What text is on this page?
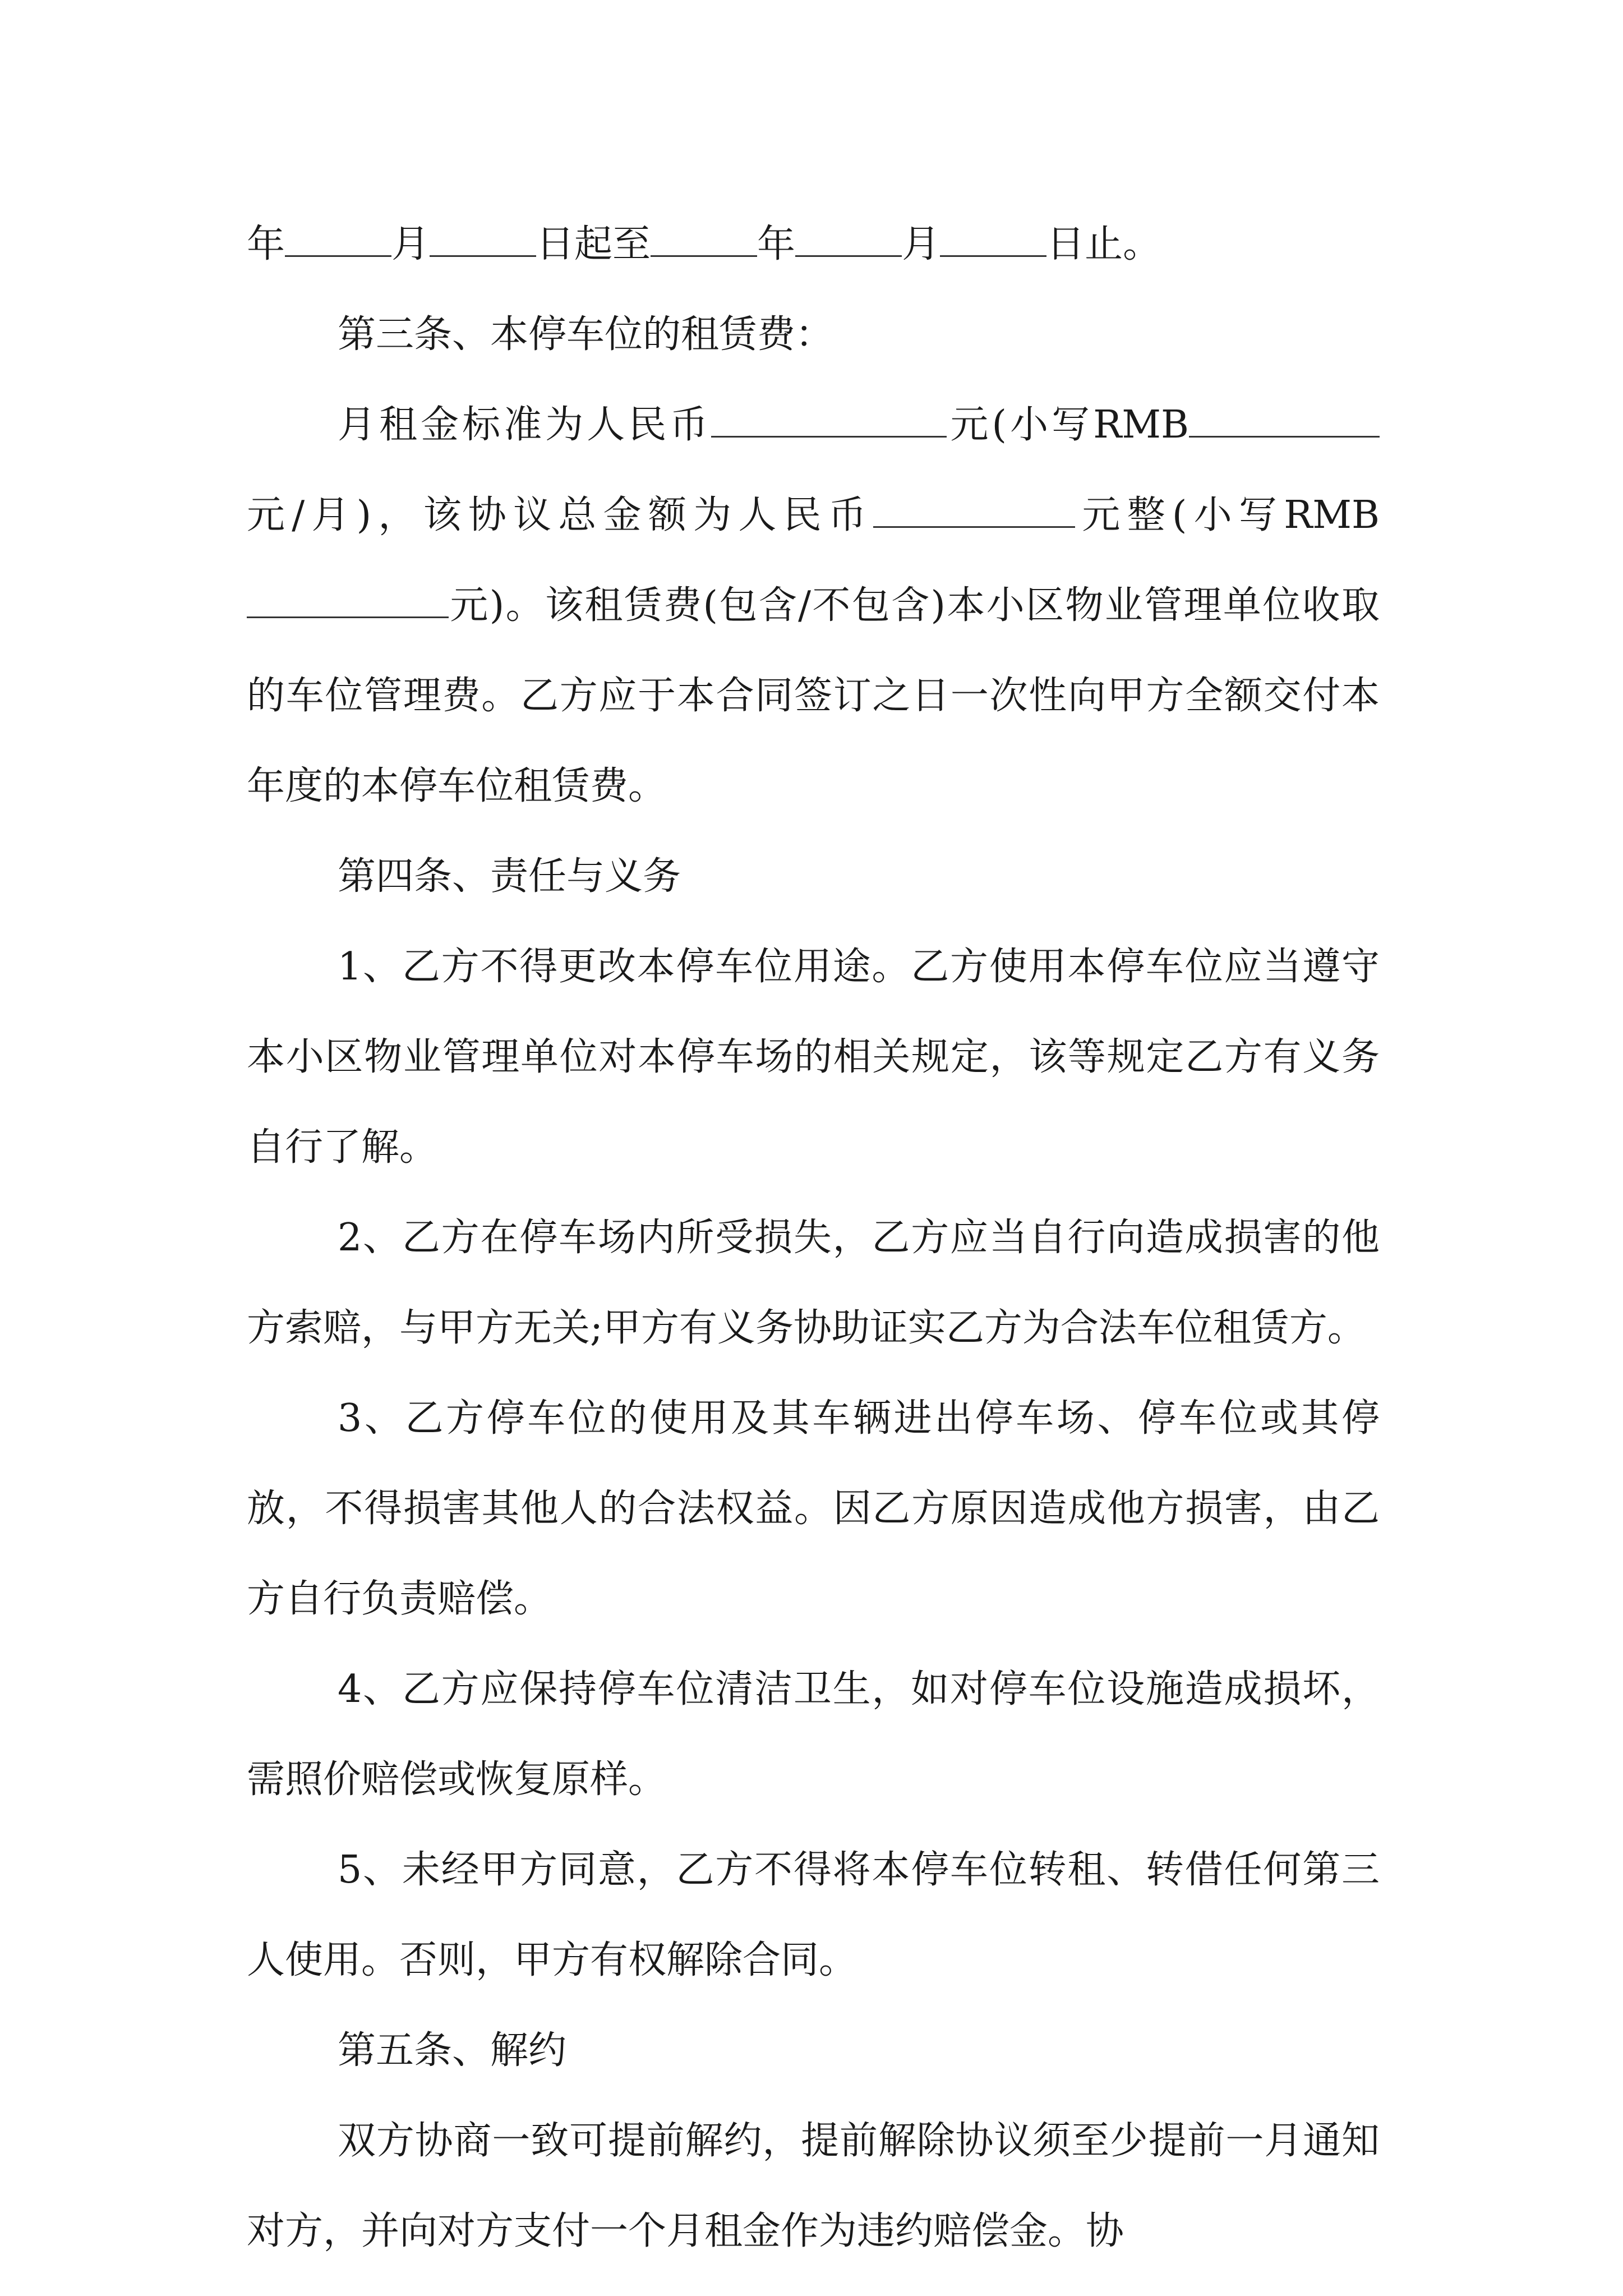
年	月	日起至	年	月	日止。

第三条、本停车位的租赁费：

月租金标准为人民币	元(小写RMB元/月)，该协议总金额为人民币	元整(小写RMB元)。该租赁费(包含/不包含)本小区物业管理单位收取的车位管理费。乙方应于本合同签订之日一次性向甲方全额交付本年度的本停车位租赁费。

第四条、责任与义务

1、乙方不得更改本停车位用途。乙方使用本停车位应当遵守本小区物业管理单位对本停车场的相关规定，该等规定乙方有义务自行了解。

2、乙方在停车场内所受损失，乙方应当自行向造成损害的他方索赔，与甲方无关;甲方有义务协助证实乙方为合法车位租赁方。

3、乙方停车位的使用及其车辆进出停车场、停车位或其停放，不得损害其他人的合法权益。因乙方原因造成他方损害，由乙方自行负责赔偿。

4、乙方应保持停车位清洁卫生，如对停车位设施造成损坏，需照价赔偿或恢复原样。

5、未经甲方同意，乙方不得将本停车位转租、转借任何第三人使用。否则，甲方有权解除合同。

第五条、解约

双方协商一致可提前解约，提前解除协议须至少提前一月通知对方，并向对方支付一个月租金作为违约赔偿金。协
